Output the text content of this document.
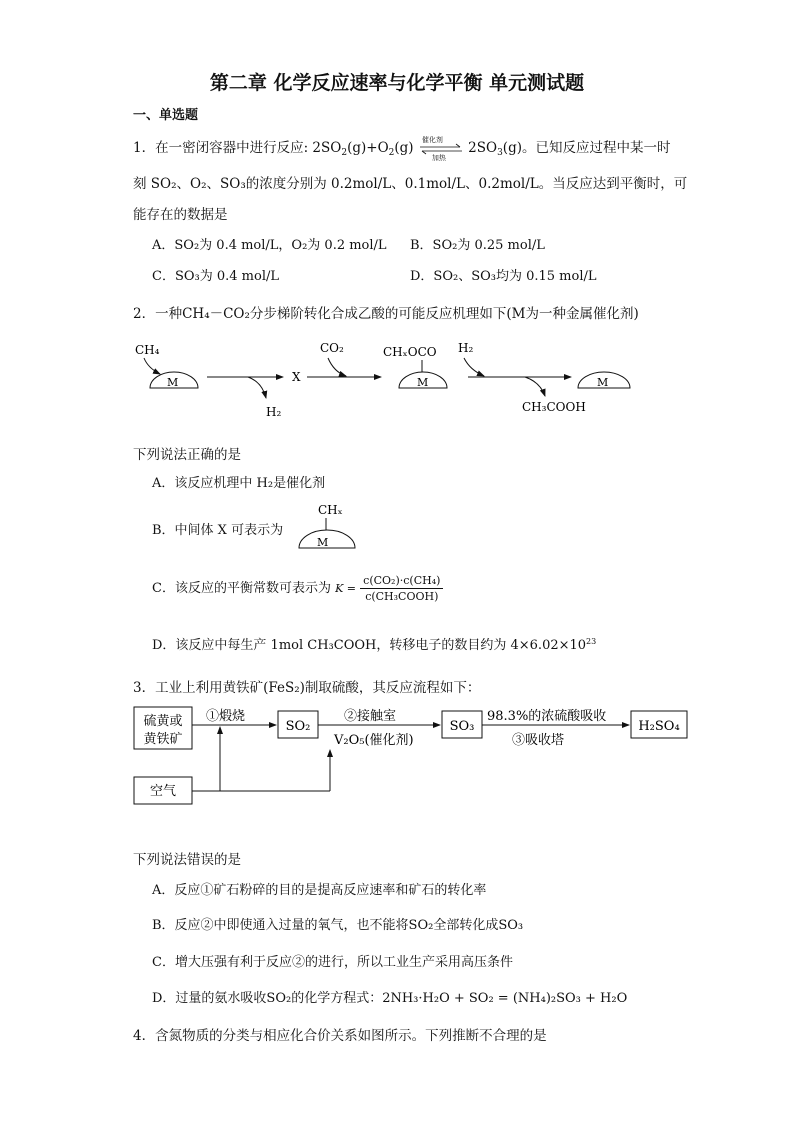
第二章 化学反应速率与化学平衡 单元测试题
一、单选题
1．在一密闭容器中进行反应: $2SO_2(g)+O_2(g)$
催化剂
加热
$2SO_3(g)$。已知反应过程中某一时
刻 SO₂、O₂、SO₃的浓度分别为 0.2mol/L、0.1mol/L、0.2mol/L。当反应达到平衡时，可
能存在的数据是
A．SO₂为 0.4 mol/L，O₂为 0.2 mol/L B．SO₂为 0.25 mol/L
C．SO₃为 0.4 mol/L	D．SO₂、SO₃均为 0.15 mol/L
2．一种CH₄－CO₂分步梯阶转化合成乙酸的可能反应机理如下(M为一种金属催化剂)
CH₄
M
H₂
X
CO₂	CHₓOCO
M
H₂
CH₃COOH
M
下列说法正确的是
A．该反应机理中 H₂是催化剂
B．中间体 X 可表示为
CHₓ
M
C．该反应的平衡常数可表示为 $K = \frac{\text{c(CO₂)·c(CH₄)}}{\text{c(CH₃COOH)}}$
D．该反应中每生产 1mol CH₃COOH，转移电子的数目约为 $4\times 6.02\times 10^{23}$
3．工业上利用黄铁矿(FeS₂)制取硫酸，其反应流程如下：
硫黄或
黄铁矿
①煅烧
SO₂
②接触室
V₂O₅(催化剂)
SO₃
98.3%的浓硫酸吸收
③吸收塔
H₂SO₄
空气
下列说法错误的是
A．反应①矿石粉碎的目的是提高反应速率和矿石的转化率
B．反应②中即使通入过量的氧气，也不能将SO₂全部转化成SO₃
C．增大压强有利于反应②的进行，所以工业生产采用高压条件
D．过量的氨水吸收SO₂的化学方程式：2NH₃·H₂O + SO₂ = (NH₄)₂SO₃ + H₂O
4．含氮物质的分类与相应化合价关系如图所示。下列推断不合理的是
